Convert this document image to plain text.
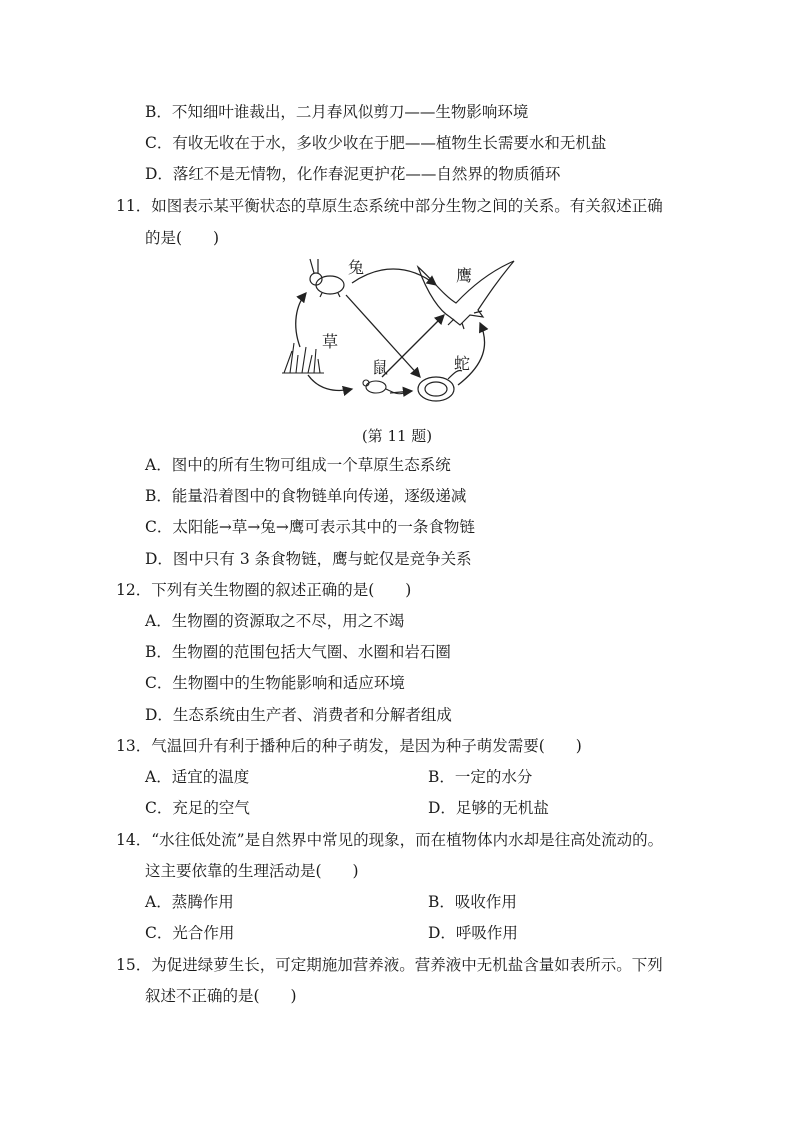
B．不知细叶谁裁出，二月春风似剪刀——生物影响环境
C．有收无收在于水，多收少收在于肥——植物生长需要水和无机盐
D．落红不是无情物，化作春泥更护花——自然界的物质循环
11．如图表示某平衡状态的草原生态系统中部分生物之间的关系。有关叙述正确
的是(　　)
兔	鹰
草
鼠	蛇
(第 11 题)
A．图中的所有生物可组成一个草原生态系统
B．能量沿着图中的食物链单向传递，逐级递减
C．太阳能→草→兔→鹰可表示其中的一条食物链
D．图中只有 3 条食物链，鹰与蛇仅是竞争关系
12．下列有关生物圈的叙述正确的是(　　)
A．生物圈的资源取之不尽，用之不竭
B．生物圈的范围包括大气圈、水圈和岩石圈
C．生物圈中的生物能影响和适应环境
D．生态系统由生产者、消费者和分解者组成
13．气温回升有利于播种后的种子萌发，是因为种子萌发需要(　　)
A．适宜的温度	B．一定的水分
C．充足的空气	D．足够的无机盐
14．“水往低处流”是自然界中常见的现象，而在植物体内水却是往高处流动的。
这主要依靠的生理活动是(　　)
A．蒸腾作用	B．吸收作用
C．光合作用	D．呼吸作用
15．为促进绿萝生长，可定期施加营养液。营养液中无机盐含量如表所示。下列
叙述不正确的是(　　)
